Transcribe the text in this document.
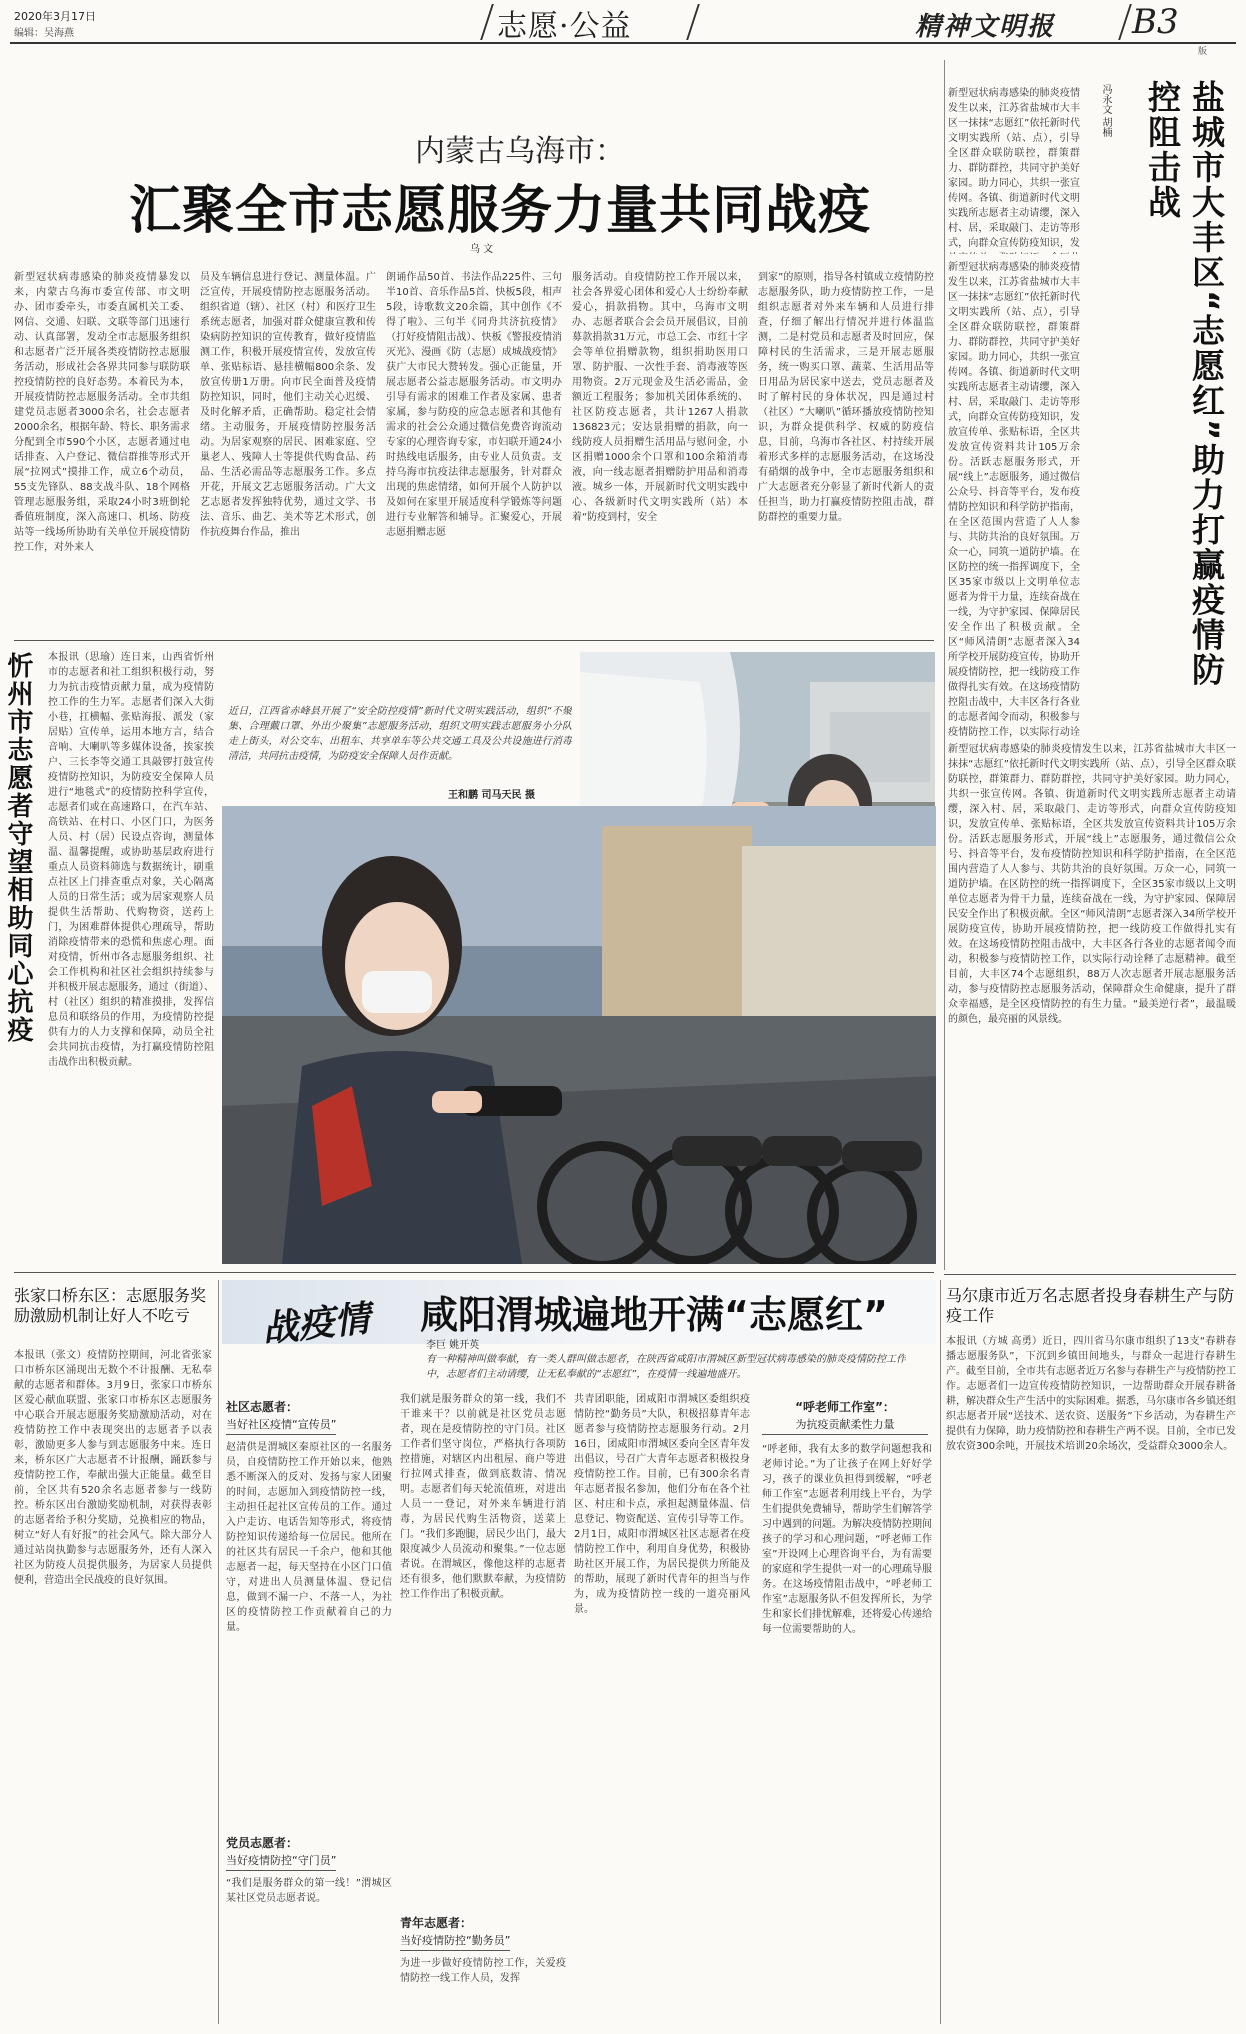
2020年3月17日
编辑：吴海燕	志愿·公益	精神文明报 B3
版
内蒙古乌海市：
汇聚全市志愿服务力量共同战疫
乌 文
新型冠状病毒感染的肺炎疫情暴发以来，内蒙古乌海市委宣传部、市文明办、团市委牵头，市委直属机关工委、网信、交通、妇联、文联等部门迅速行动、认真部署，发动全市志愿服务组织和志愿者广泛开展各类疫情防控志愿服务活动，形成社会各界共同参与联防联控疫情防控的良好态势。本着民为本，开展疫情防控志愿服务活动。全市共组建党员志愿者3000余名，社会志愿者2000余名，根据年龄、特长、职务需求分配到全市590个小区，志愿者通过电话排查、入户登记、微信群推等形式开展“拉网式”摸排工作，成立6个动员，55支先锋队、88支战斗队、18个网格管理志愿服务组，采取24小时3班倒轮番值班制度，深入高速口、机场、防疫站等一线场所协助有关单位开展疫情防控工作，对外来人
员及车辆信息进行登记、测量体温。广泛宣传，开展疫情防控志愿服务活动。组织省道（辖）、社区（村）和医疗卫生系统志愿者，加强对群众健康宣教和传染病防控知识的宣传教育，做好疫情监测工作，积极开展疫情宣传，发放宣传单、张贴标语、悬挂横幅800余条、发放宣传册1万册。向市民全面普及疫情防控知识，同时，他们主动关心迟缓、及时化解矛盾，正确帮助。稳定社会情绪。主动服务，开展疫情防控服务活动。为居家观察的居民、困难家庭、空巢老人、残障人士等提供代购食品、药品、生活必需品等志愿服务工作。多点开花，开展文艺志愿服务活动。广大文艺志愿者发挥独特优势，通过文学、书法、音乐、曲艺、美术等艺术形式，创作抗疫舞台作品，推出
朗诵作品50首、书法作品225件、三句半10首、音乐作品5首、快板5段，相声5段，诗歌数文20余篇，其中创作《不得了啦》、三句半《同舟共济抗疫情》（打好疫情阻击战）、快板《警报疫情消灭光》、漫画《防（志愿）成城战疫情》获广大市民大赞转发。强心正能量，开展志愿者公益志愿服务活动。市文明办引导有需求的困难工作者及家属、患者家属，参与防疫的应急志愿者和其他有需求的社会公众通过微信免费咨询流动专家的心理咨询专家，市妇联开通24小时热线电话服务，由专业人员负责。支持乌海市抗疫法律志愿服务，针对群众出现的焦虑情绪，如何开展个人防护以及如何在家里开展适度科学锻炼等问题进行专业解答和辅导。汇聚爱心，开展志愿捐赠志愿
服务活动。自疫情防控工作开展以来，社会各界爱心团体和爱心人士纷纷奉献爱心，捐款捐物。其中，乌海市文明办、志愿者联合会会员开展倡议，目前募款捐款31万元，市总工会、市红十字会等单位捐赠款物，组织捐助医用口罩、防护服、一次性手套、消毒液等医用物资。2万元现金及生活必需品，金额近工程服务；参加机关团体系统的、社区防疫志愿者，共计1267人捐款136823元；安达景捐赠的捐款，向一线防疫人员捐赠生活用品与慰问金，小区捐赠1000余个口罩和100余箱消毒液，向一线志愿者捐赠防护用品和消毒液。城乡一体，开展新时代文明实践中心、各级新时代文明实践所（站）本着“防疫到村，安全
到家”的原则，指导各村镇成立疫情防控志愿服务队，助力疫情防控工作，一是组织志愿者对外来车辆和人员进行排查，仔细了解出行情况并进行体温监测，二是村党员和志愿者及时回应，保障村民的生活需求，三是开展志愿服务，统一购买口罩、蔬菜、生活用品等日用品为居民家中送去，党员志愿者及时了解村民的身体状况，四是通过村（社区）“大喇叭”循环播放疫情防控知识，为群众提供科学、权威的防疫信息，目前，乌海市各社区、村持续开展着形式多样的志愿服务活动，在这场没有硝烟的战争中，全市志愿服务组织和广大志愿者充分彰显了新时代新人的责任担当，助力打赢疫情防控阻击战，群防群控的重要力量。
新型冠状病毒感染的肺炎疫情发生以来，江苏省盐城市大丰区一抹抹“志愿红”依托新时代文明实践所（站、点），引导全区群众联防联控，群策群力、群防群控，共同守护美好家园。助力同心，共织一张宣传网。各镇、街道新时代文明实践所志愿者主动请缨，深入村、居，采取敲门、走访等形式，向群众宣传防疫知识，发	盐城市大丰区“志愿红”助力打赢疫情防控阻击战
冯永文 胡楠
新型冠状病毒感染的肺炎疫情发生以来，江苏省盐城市大丰区一抹抹“志愿红”依托新时代文明实践所（站、点），引导全区群众联防联控，群策群力、群防群控，共同守护美好家园。助力同心，共织一张宣传网。各镇、街道新时代文明实践所志愿者主动请缨，深入村、居，采取敲门、走访等形式，向群众宣传防疫知识，发放宣传单、张贴标语，全区共发放宣传资料共计105万余份。活跃志愿服务形式，开展“线上”志愿服务，通过微信公众号、抖音等平台，发布疫情防控知识和科学防护指南，在全区范围内营造了人人参与、共防共治的良好氛围。万众一心，同筑一道防护墙。在区防控的统一指挥调度下，全区35家市级以上文明单位志愿者为骨干力量，连续奋战在一线，为守护家园、保障居民安全作出了积极贡献。全区“师风清朗”志愿者深入34所学校开展防疫宣传，协助开展疫情防控，把一线防疫工作做得扎实有效。在这场疫情防控阻击战中，大丰区各行各业的志愿者闻令而动，积极参与疫情防控工作，以实际行动诠
新型冠状病毒感染的肺炎疫情发生以来，江苏省盐城市大丰区一抹抹“志愿红”依托新时代文明实践所（站、点），引导全区群众联防联控，群策群力、群防群控，共同守护美好家园。助力同心，共织一张宣传网。各镇、街道新时代文明实践所志愿者主动请缨，深入村、居，采取敲门、走访等形式，向群众宣传防疫知识，发放宣传单、张贴标语，全区共发放宣传资料共计105万余份。活跃志愿服务形式，开展“线上”志愿服务，通过微信公众号、抖音等平台，发布疫情防控知识和科学防护指南，在全区范围内营造了人人参与、共防共治的良好氛围。万众一心，同筑一道防护墙。在区防控的统一指挥调度下，全区35家市级以上文明单位志愿者为骨干力量，连续奋战在一线，为守护家园、保障居民安全作出了积极贡献。全区“师风清朗”志愿者深入34所学校开展防疫宣传，协助开展疫情防控，把一线防疫工作做得扎实有效。在这场疫情防控阻击战中，大丰区各行各业的志愿者闻令而动，积极参与疫情防控工作，以实际行动诠释了志愿精神。截至目前，大丰区74个志愿组织，88万人次志愿者开展志愿服务活动，参与疫情防控志愿服务活动，保障群众生命健康，提升了群众幸福感，是全区疫情防控的有生力量。“最美逆行者”，最温暖的颜色，最亮丽的风景线。
忻州市志愿者守望相助同心抗疫 本报讯（思瑜）连日来，山西省忻州市的志愿者和社工组织积极行动，努力为抗击疫情贡献力量，成为疫情防控工作的生力军。志愿者们深入大街小巷，扛横幅、张贴海报、派发（家居贴）宣传单，运用本地方言，结合音响、大喇叭等多媒体设备，挨家挨户、三长李等交通工具敲锣打鼓宣传疫情防控知识，为防疫安全保障人员进行“地毯式”的疫情防控科学宣传，志愿者们或在高速路口，在汽车站、高铁站、在村口、小区门口，为医务人员、村（居）民设点咨询，测量体温、温馨提醒，或协助基层政府进行重点人员资料筛选与数据统计，刷重点社区上门排查重点对象，关心隔离人员的日常生活；或为居家观察人员提供生活帮助、代购物资，送药上门，为困难群体提供心理疏导，帮助消除疫情带来的恐慌和焦虑心理。面对疫情，忻州市各志愿服务组织、社会工作机构和社区社会组织持续参与并积极开展志愿服务，通过（街道）、村（社区）组织的精准摸排，发挥信息员和联络员的作用，为疫情防控提供有力的人力支撑和保障，动员全社会共同抗击疫情，为打赢疫情防控阻击战作出积极贡献。
近日，江西省赤峰县开展了“安全防控疫情”新时代文明实践活动，组织“不聚集、合理戴口罩、外出少聚集”志愿服务活动，组织文明实践志愿服务小分队走上街头，对公交车、出租车、共享单车等公共交通工具及公共设施进行消毒清洁，共同抗击疫情，为防疫安全保障人员作贡献。
王和鹏 司马天民 摄
张家口桥东区：志愿服务奖励激励机制让好人不吃亏
本报讯（张文）疫情防控期间，河北省张家口市桥东区涌现出无数个不计报酬、无私奉献的志愿者和群体。3月9日，张家口市桥东区爱心献血联盟、张家口市桥东区志愿服务中心联合开展志愿服务奖励激励活动，对在疫情防控工作中表现突出的志愿者予以表彰，激励更多人参与到志愿服务中来。连日来，桥东区广大志愿者不计报酬，踊跃参与疫情防控工作，奉献出强大正能量。截至目前，全区共有520余名志愿者参与一线防控。桥东区出台激励奖励机制，对获得表彰的志愿者给予积分奖励，兑换相应的物品，树立“好人有好报”的社会风气。除大部分人通过站岗执勤参与志愿服务外，还有人深入社区为防疫人员提供服务，为居家人员提供便利，营造出全民战疫的良好氛围。
战疫情 咸阳渭城遍地开满“志愿红”
李巨 姚开英
有一种精神叫做奉献，有一类人群叫做志愿者，在陕西省咸阳市渭城区新型冠状病毒感染的肺炎疫情防控工作中，志愿者们主动请缨，让无私奉献的“志愿红”，在疫情一线遍地盛开。
社区志愿者：
当好社区疫情“宣传员”
赵清供是渭城区秦原社区的一名服务员，自疫情防控工作开始以来，他熟悉不断深入的反对、发扬与家人团聚的时间，志愿加入到疫情防控一线，主动担任起社区宣传员的工作。通过入户走访、电话告知等形式，将疫情防控知识传递给每一位居民。他所在的社区共有居民一千余户，他和其他志愿者一起，每天坚持在小区门口值守，对进出人员测量体温、登记信息，做到不漏一户、不落一人，为社区的疫情防控工作贡献着自己的力量。
党员志愿者：
当好疫情防控“守门员”
“我们是服务群众的第一线！”渭城区某社区党员志愿者说。
我们就是服务群众的第一线，我们不干谁来干？以前就是社区党员志愿者，现在是疫情防控的守门员。社区工作者们坚守岗位，严格执行各项防控措施，对辖区内出租屋、商户等进行拉网式排查，做到底数清、情况明。志愿者们每天轮流值班，对进出人员一一登记，对外来车辆进行消毒，为居民代购生活物资，送菜上门。“我们多跑腿，居民少出门，最大限度减少人员流动和聚集。”一位志愿者说。在渭城区，像他这样的志愿者还有很多，他们默默奉献，为疫情防控工作作出了积极贡献。
青年志愿者：
当好疫情防控“勤务员”
为进一步做好疫情防控工作，关爱疫情防控一线工作人员，发挥
共青团职能，团咸阳市渭城区委组织疫情防控“勤务员”大队，积极招募青年志愿者参与疫情防控志愿服务行动。2月16日，团咸阳市渭城区委向全区青年发出倡议，号召广大青年志愿者积极投身疫情防控工作。目前，已有300余名青年志愿者报名参加，他们分布在各个社区、村庄和卡点，承担起测量体温、信息登记、物资配送、宣传引导等工作。2月1日，咸阳市渭城区社区志愿者在疫情防控工作中，利用自身优势，积极协助社区开展工作，为居民提供力所能及的帮助，展现了新时代青年的担当与作为，成为疫情防控一线的一道亮丽风景。
“呼老师工作室”：
为抗疫贡献柔性力量
“呼老师，我有太多的数学问题想我和老师讨论。”为了让孩子在网上好好学习，孩子的课业负担得到缓解，“呼老师工作室”志愿者利用线上平台，为学生们提供免费辅导，帮助学生们解答学习中遇到的问题。为解决疫情防控期间孩子的学习和心理问题，“呼老师工作室”开设网上心理咨询平台，为有需要的家庭和学生提供一对一的心理疏导服务。在这场疫情阻击战中，“呼老师工作室”志愿服务队不但发挥所长，为学生和家长们排忧解难，还将爱心传递给每一位需要帮助的人。
马尔康市近万名志愿者投身春耕生产与防疫工作
本报讯（方城 高勇）近日，四川省马尔康市组织了13支“春耕春播志愿服务队”，下沉到乡镇田间地头，与群众一起进行春耕生产。截至目前，全市共有志愿者近万名参与春耕生产与疫情防控工作。志愿者们一边宣传疫情防控知识，一边帮助群众开展春耕备耕，解决群众生产生活中的实际困难。据悉，马尔康市各乡镇还组织志愿者开展“送技术、送农资、送服务”下乡活动，为春耕生产提供有力保障，助力疫情防控和春耕生产两不误。目前，全市已发放农资300余吨，开展技术培训20余场次，受益群众3000余人。
